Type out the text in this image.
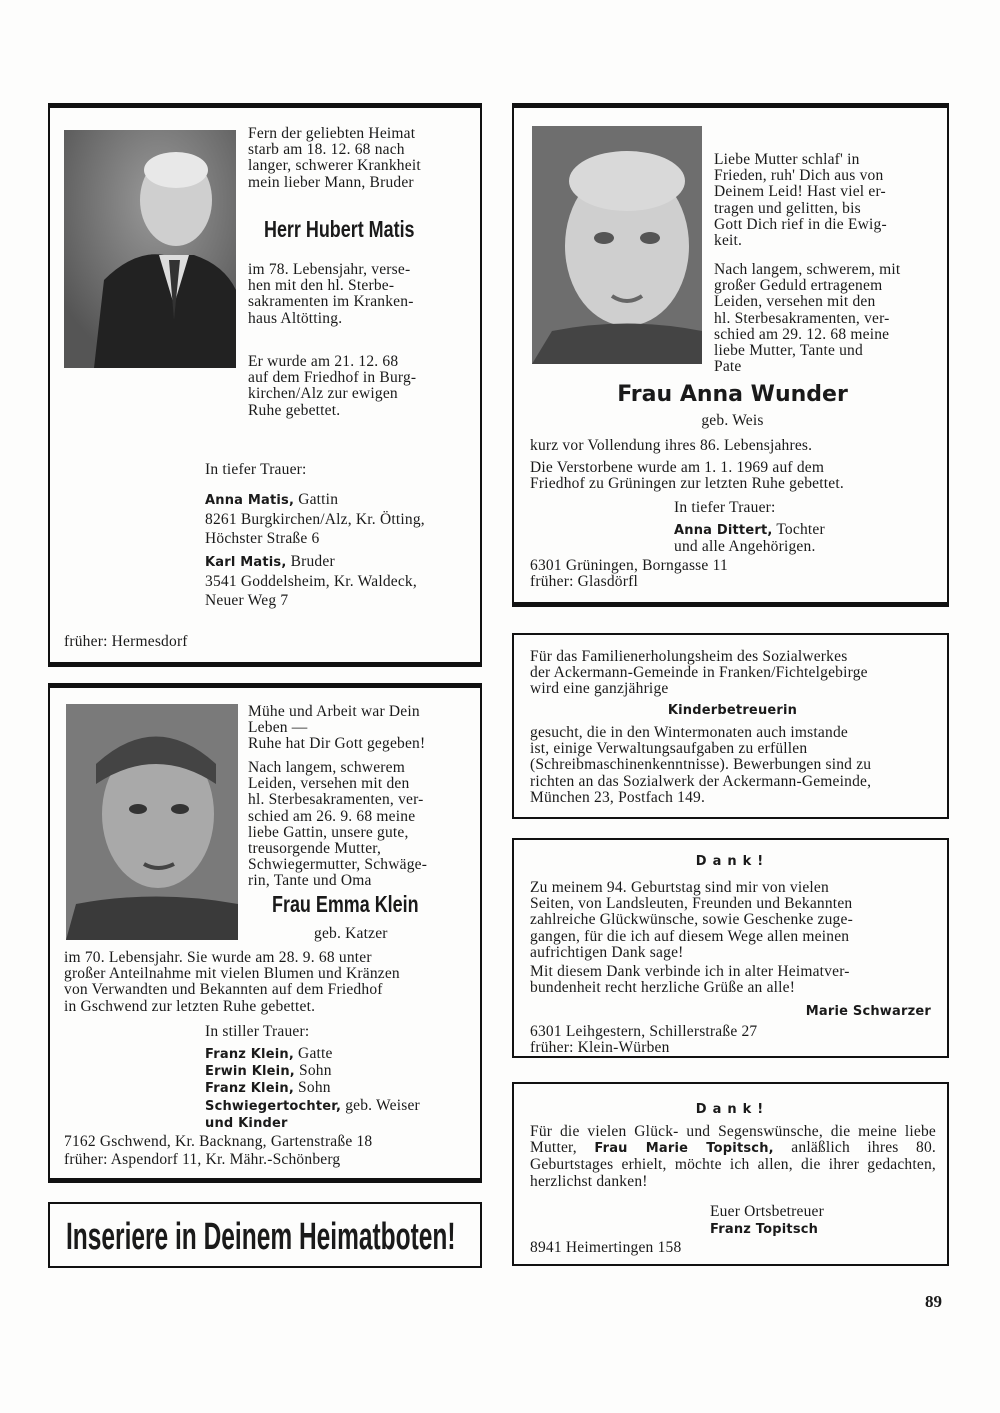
Fern der geliebten Heimat
starb am 18. 12. 68 nach
langer, schwerer Krankheit
mein lieber Mann, Bruder
Herr Hubert Matis
im 78. Lebensjahr, verse-
hen mit den hl. Sterbe-
sakramenten im Kranken-
haus Altötting.
Er wurde am 21. 12. 68
auf dem Friedhof in Burg-
kirchen/Alz zur ewigen
Ruhe gebettet.
In tiefer Trauer:
Anna Matis, Gattin
8261 Burgkirchen/Alz, Kr. Ötting,
Höchster Straße 6
Karl Matis, Bruder
3541 Goddelsheim, Kr. Waldeck,
Neuer Weg 7
früher: Hermesdorf
Liebe Mutter schlaf' in
Frieden, ruh' Dich aus von
Deinem Leid! Hast viel er-
tragen und gelitten, bis
Gott Dich rief in die Ewig-
keit.
Nach langem, schwerem, mit
großer Geduld ertragenem
Leiden, versehen mit den
hl. Sterbesakramenten, ver-
schied am 29. 12. 68 meine
liebe Mutter, Tante und
Pate
Frau Anna Wunder
geb. Weis
kurz vor Vollendung ihres 86. Lebensjahres.
Die Verstorbene wurde am 1. 1. 1969 auf dem
Friedhof zu Grüningen zur letzten Ruhe gebettet.
In tiefer Trauer:
Anna Dittert, Tochter
und alle Angehörigen.
6301 Grüningen, Borngasse 11
früher: Glasdörfl
Mühe und Arbeit war Dein
Leben —
Ruhe hat Dir Gott gegeben!
Nach langem, schwerem
Leiden, versehen mit den
hl. Sterbesakramenten, ver-
schied am 26. 9. 68 meine
liebe Gattin, unsere gute,
treusorgende Mutter,
Schwiegermutter, Schwäge-
rin, Tante und Oma
Frau Emma Klein
geb. Katzer
im 70. Lebensjahr. Sie wurde am 28. 9. 68 unter
großer Anteilnahme mit vielen Blumen und Kränzen
von Verwandten und Bekannten auf dem Friedhof
in Gschwend zur letzten Ruhe gebettet.
In stiller Trauer:
Franz Klein, Gatte
Erwin Klein, Sohn
Franz Klein, Sohn
Schwiegertochter, geb. Weiser
und Kinder
7162 Gschwend, Kr. Backnang, Gartenstraße 18
früher: Aspendorf 11, Kr. Mähr.-Schönberg
Für das Familienerholungsheim des Sozialwerkes
der Ackermann-Gemeinde in Franken/Fichtelgebirge
wird eine ganzjährige
Kinderbetreuerin
gesucht, die in den Wintermonaten auch imstande
ist, einige Verwaltungsaufgaben zu erfüllen
(Schreibmaschinenkenntnisse). Bewerbungen sind zu
richten an das Sozialwerk der Ackermann-Gemeinde,
München 23, Postfach 149.
Dank!
Zu meinem 94. Geburtstag sind mir von vielen
Seiten, von Landsleuten, Freunden und Bekannten
zahlreiche Glückwünsche, sowie Geschenke zuge-
gangen, für die ich auf diesem Wege allen meinen
aufrichtigen Dank sage!
Mit diesem Dank verbinde ich in alter Heimatver-
bundenheit recht herzliche Grüße an alle!
Marie Schwarzer
6301 Leihgestern, Schillerstraße 27
früher: Klein-Würben
Dank!
Für die vielen Glück- und Segenswünsche, die meine liebe Mutter, Frau Marie Topitsch, anläßlich ihres 80. Geburtstages erhielt, möchte ich allen, die ihrer gedachten, herzlichst danken!
Euer Ortsbetreuer
Franz Topitsch
8941 Heimertingen 158
Inseriere in Deinem Heimatboten!
89
